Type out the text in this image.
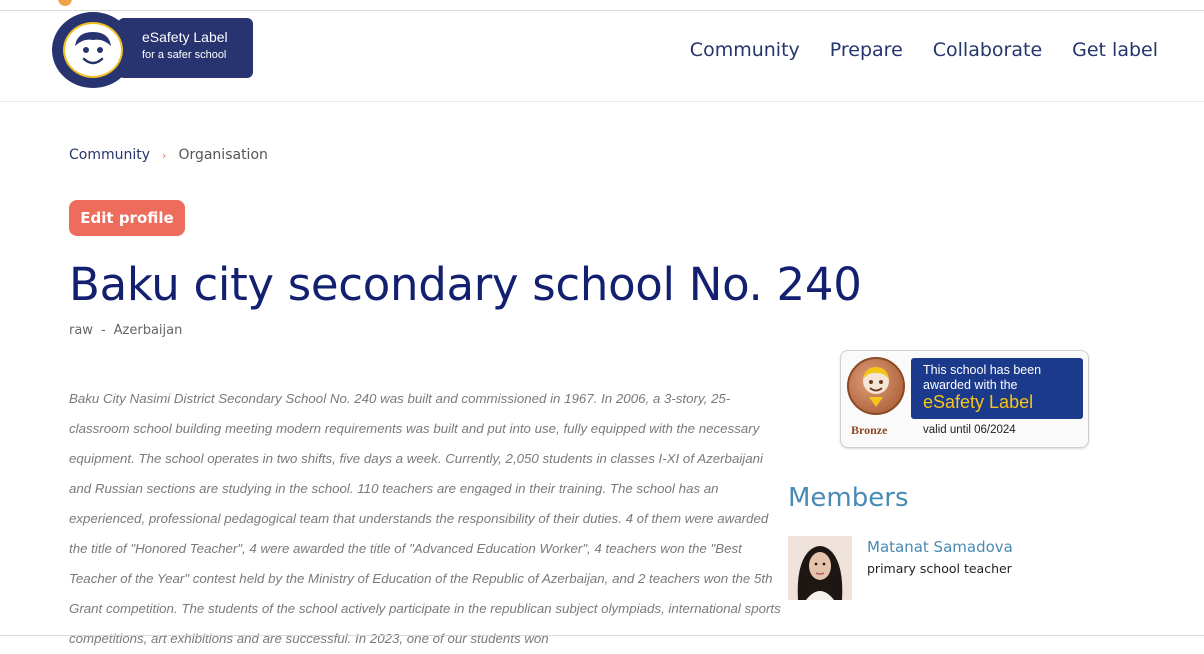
eSafety Label
for a safer school	Community Prepare Collaborate Get label
Community › Organisation
Edit profile
Baku city secondary school No. 240
raw - Azerbaijan

Baku City Nasimi District Secondary School No. 240 was built and commissioned in 1967. In 2006, a 3-story, 25-classroom school building meeting modern requirements was built and put into use, fully equipped with the necessary equipment. The school operates in two shifts, five days a week. Currently, 2,050 students in classes I-XI of Azerbaijani and Russian sections are studying in the school. 110 teachers are engaged in their training. The school has an experienced, professional pedagogical team that understands the responsibility of their duties. 4 of them were awarded the title of "Honored Teacher", 4 were awarded the title of "Advanced Education Worker", 4 teachers won the "Best Teacher of the Year" contest held by the Ministry of Education of the Republic of Azerbaijan, and 2 teachers won the 5th Grant competition. The students of the school actively participate in the republican subject olympiads, international sports competitions, art exhibitions and are successful. In 2023, one of our students won

This school has been
awarded with the
eSafety Label
Bronze	valid until 06/2024
Members
Matanat Samadova
primary school teacher
